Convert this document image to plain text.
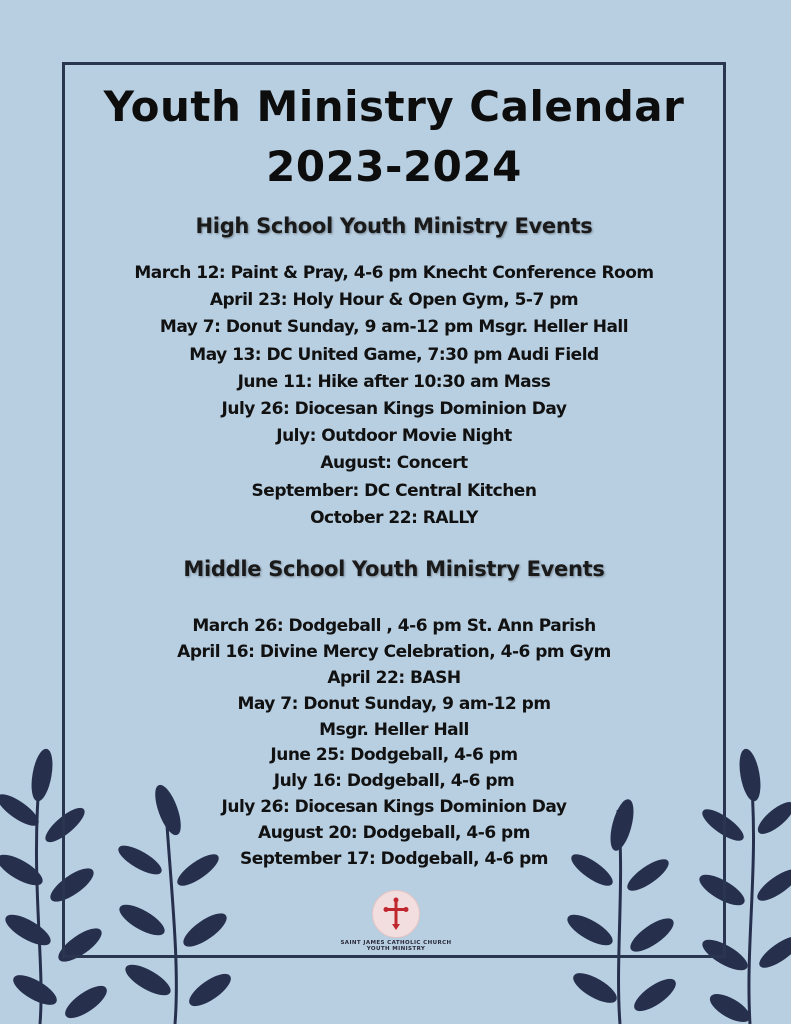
Youth Ministry Calendar
2023-2024
High School Youth Ministry Events
March 12: Paint & Pray, 4-6 pm Knecht Conference Room
April 23: Holy Hour & Open Gym, 5-7 pm
May 7: Donut Sunday, 9 am-12 pm Msgr. Heller Hall
May 13: DC United Game, 7:30 pm Audi Field
June 11: Hike after 10:30 am Mass
July 26: Diocesan Kings Dominion Day
July: Outdoor Movie Night
August: Concert
September: DC Central Kitchen
October 22: RALLY
Middle School Youth Ministry Events
March 26: Dodgeball , 4-6 pm St. Ann Parish
April 16: Divine Mercy Celebration, 4-6 pm Gym
April 22: BASH
May 7: Donut Sunday, 9 am-12 pm
Msgr. Heller Hall
June 25: Dodgeball, 4-6 pm
July 16: Dodgeball, 4-6 pm
July 26: Diocesan Kings Dominion Day
August 20: Dodgeball, 4-6 pm
September 17: Dodgeball, 4-6 pm
SAINT JAMES CATHOLIC CHURCH
YOUTH MINISTRY
